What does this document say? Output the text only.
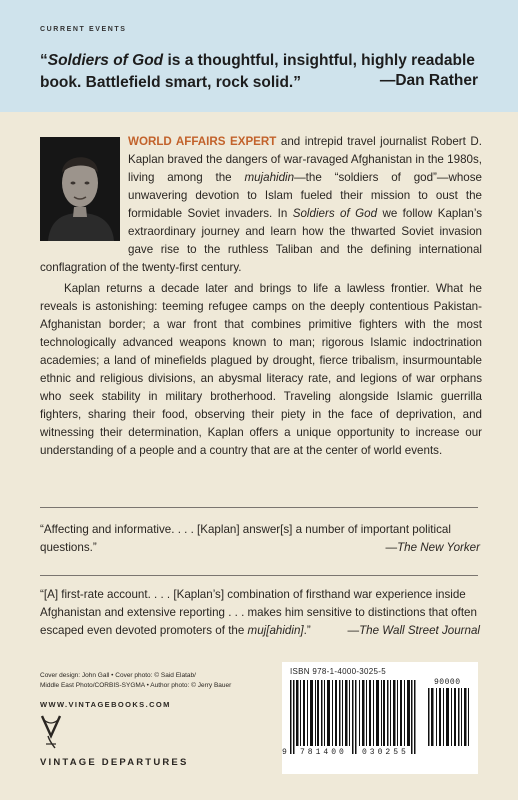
CURRENT EVENTS
“Soldiers of God is a thoughtful, insightful, highly readable book. Battlefield smart, rock solid.”	—Dan Rather

WORLD AFFAIRS EXPERT and intrepid travel journalist Robert D. Kaplan braved the dangers of war-ravaged Afghanistan in the 1980s, living among the mujahidin—the “soldiers of god”—whose unwavering devotion to Islam fueled their mission to oust the formidable Soviet invaders. In Soldiers of God we follow Kaplan’s extraordinary journey and learn how the thwarted Soviet invasion gave rise to the ruthless Taliban and the defining international conflagration of the twenty-first century.

Kaplan returns a decade later and brings to life a lawless frontier. What he reveals is astonishing: teeming refugee camps on the deeply contentious Pakistan-Afghanistan border; a war front that combines primitive fighters with the most technologically advanced weapons known to man; rigorous Islamic indoctrination academies; a land of minefields plagued by drought, fierce tribalism, insurmountable ethnic and religious divisions, an abysmal literacy rate, and legions of war orphans who seek stability in military brotherhood. Traveling alongside Islamic guerrilla fighters, sharing their food, observing their piety in the face of deprivation, and witnessing their determination, Kaplan offers a unique opportunity to increase our understanding of a people and a country that are at the center of world events.

“Affecting and informative. . . . [Kaplan] answer[s] a number of important political questions.”	—The New Yorker
“[A] first-rate account. . . . [Kaplan’s] combination of firsthand war experience inside Afghanistan and extensive reporting . . . makes him sensitive to distinctions that often escaped even devoted promoters of the muj[ahidin].”	—The Wall Street Journal
Cover design: John Gall • Cover photo: © Said Elatab/
Middle East Photo/CORBIS-SYGMA • Author photo: © Jerry Bauer
WWW.VINTAGEBOOKS.COM
VINTAGE DEPARTURES
ISBN 978-1-4000-3025-5
9 781400 030255
90000
